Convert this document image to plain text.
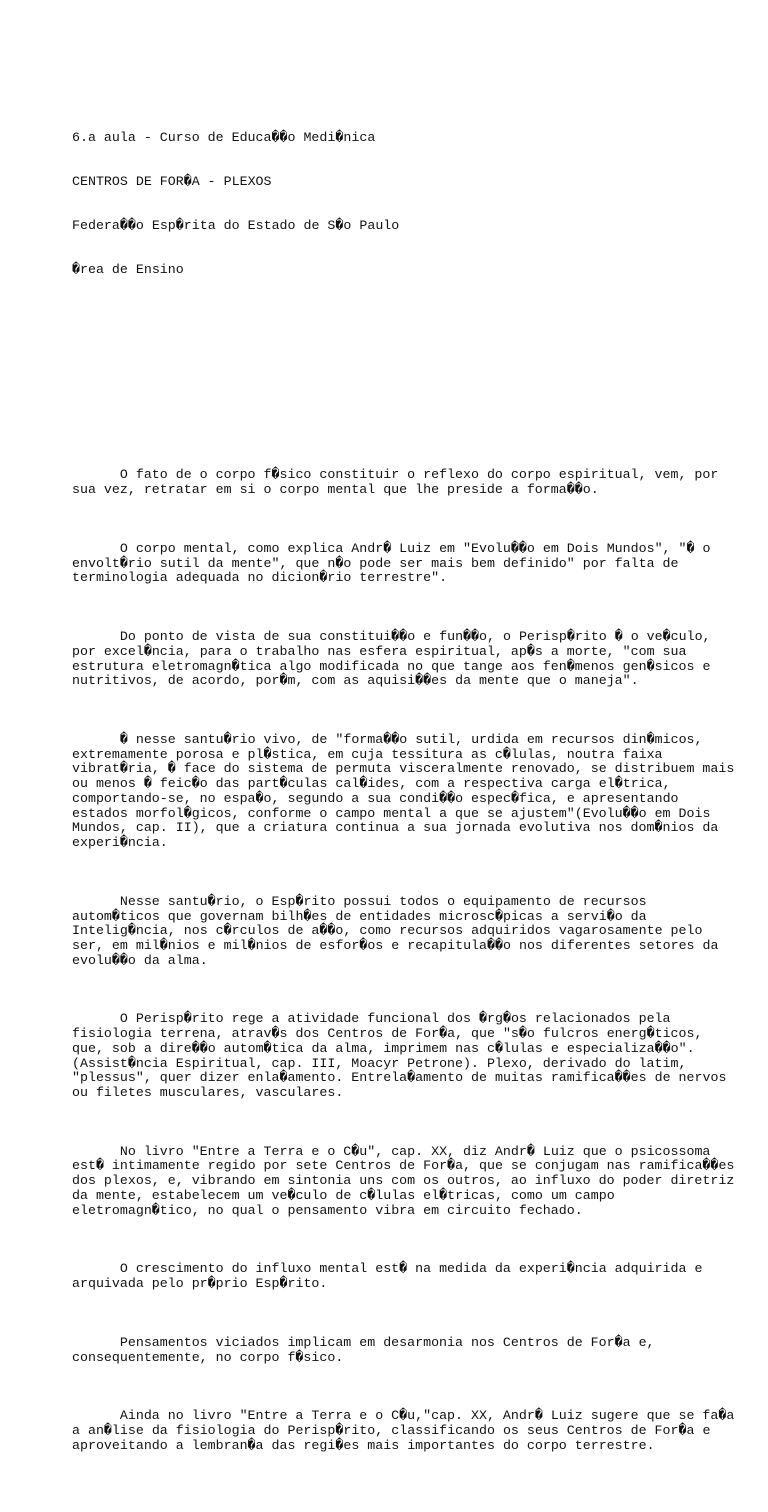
6.a aula - Curso de Educa��o Medi�nica

CENTROS DE FOR�A - PLEXOS

Federa��o Esp�rita do Estado de S�o Paulo

�rea de Ensino

O fato de o corpo f�sico constituir o reflexo do corpo espiritual, vem, por
sua vez, retratar em si o corpo mental que lhe preside a forma��o.

O corpo mental, como explica Andr� Luiz em "Evolu��o em Dois Mundos", "� o
envolt�rio sutil da mente", que n�o pode ser mais bem definido" por falta de
terminologia adequada no dicion�rio terrestre".

Do ponto de vista de sua constitui��o e fun��o, o Perisp�rito � o ve�culo,
por excel�ncia, para o trabalho nas esfera espiritual, ap�s a morte, "com sua
estrutura eletromagn�tica algo modificada no que tange aos fen�menos gen�sicos e
nutritivos, de acordo, por�m, com as aquisi��es da mente que o maneja".

� nesse santu�rio vivo, de "forma��o sutil, urdida em recursos din�micos,
extremamente porosa e pl�stica, em cuja tessitura as c�lulas, noutra faixa
vibrat�ria, � face do sistema de permuta visceralmente renovado, se distribuem mais
ou menos � feic�o das part�culas cal�ides, com a respectiva carga el�trica,
comportando-se, no espa�o, segundo a sua condi��o espec�fica, e apresentando
estados morfol�gicos, conforme o campo mental a que se ajustem"(Evolu��o em Dois
Mundos, cap. II), que a criatura continua a sua jornada evolutiva nos dom�nios da
experi�ncia.

Nesse santu�rio, o Esp�rito possui todos o equipamento de recursos
autom�ticos que governam bilh�es de entidades microsc�picas a servi�o da
Intelig�ncia, nos c�rculos de a��o, como recursos adquiridos vagarosamente pelo
ser, em mil�nios e mil�nios de esfor�os e recapitula��o nos diferentes setores da
evolu��o da alma.

O Perisp�rito rege a atividade funcional dos �rg�os relacionados pela
fisiologia terrena, atrav�s dos Centros de For�a, que "s�o fulcros energ�ticos,
que, sob a dire��o autom�tica da alma, imprimem nas c�lulas e especializa��o".
(Assist�ncia Espiritual, cap. III, Moacyr Petrone). Plexo, derivado do latim,
"plessus", quer dizer enla�amento. Entrela�amento de muitas ramifica��es de nervos
ou filetes musculares, vasculares.

No livro "Entre a Terra e o C�u", cap. XX, diz Andr� Luiz que o psicossoma
est� intimamente regido por sete Centros de For�a, que se conjugam nas ramifica��es
dos plexos, e, vibrando em sintonia uns com os outros, ao influxo do poder diretriz
da mente, estabelecem um ve�culo de c�lulas el�tricas, como um campo
eletromagn�tico, no qual o pensamento vibra em circuito fechado.

O crescimento do influxo mental est� na medida da experi�ncia adquirida e
arquivada pelo pr�prio Esp�rito.

Pensamentos viciados implicam em desarmonia nos Centros de For�a e,
consequentemente, no corpo f�sico.

Ainda no livro "Entre a Terra e o C�u,"cap. XX, Andr� Luiz sugere que se fa�a
a an�lise da fisiologia do Perisp�rito, classificando os seus Centros de For�a e
aproveitando a lembran�a das regi�es mais importantes do corpo terrestre.
